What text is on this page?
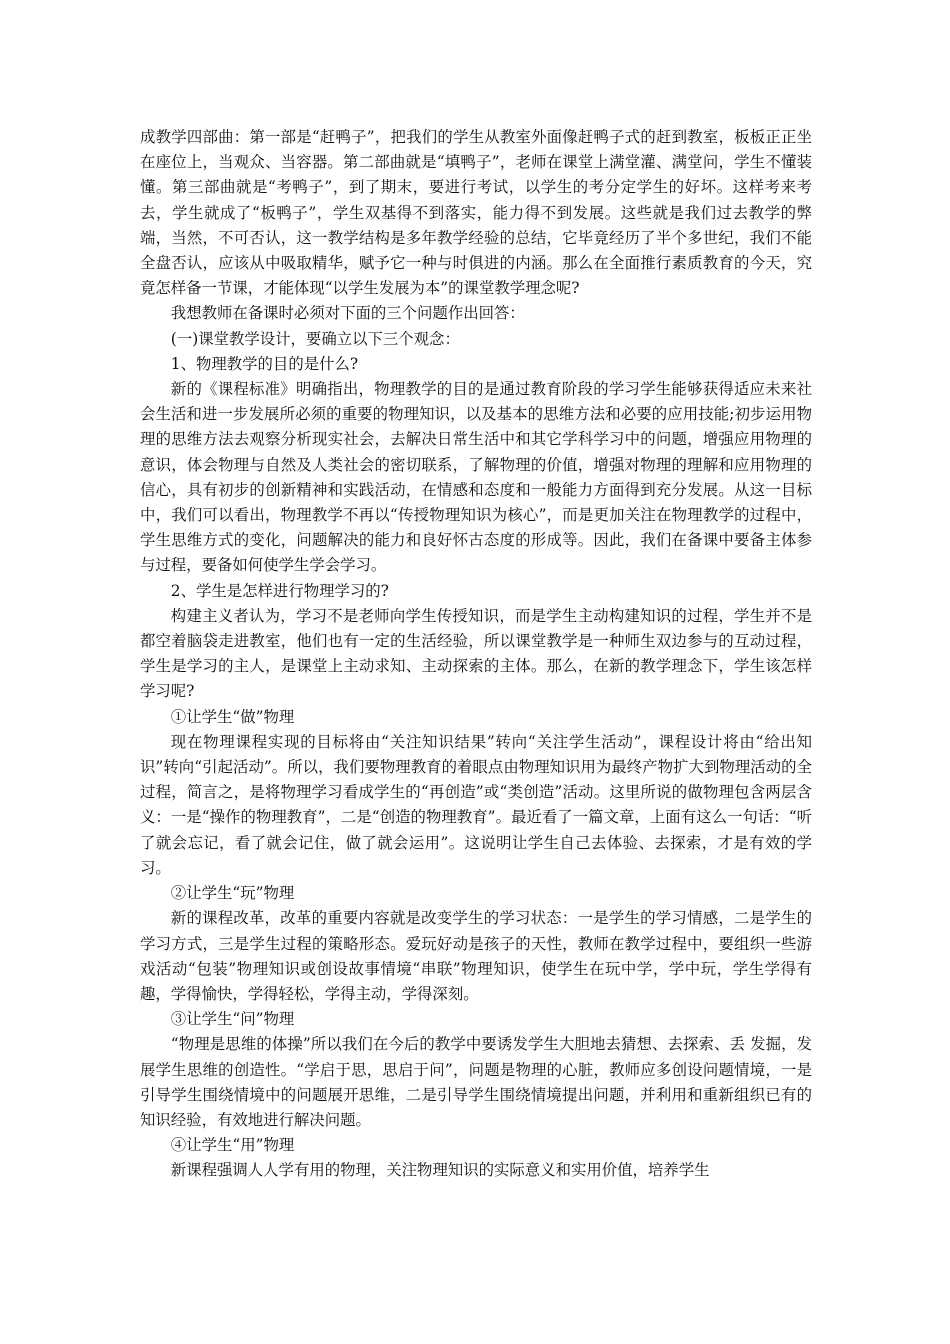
成教学四部曲：第一部是“赶鸭子”，把我们的学生从教室外面像赶鸭子式的赶到教室，板板正正坐在座位上，当观众、当容器。第二部曲就是“填鸭子”，老师在课堂上满堂灌、满堂问，学生不懂装懂。第三部曲就是“考鸭子”，到了期末，要进行考试，以学生的考分定学生的好坏。这样考来考去，学生就成了“板鸭子”，学生双基得不到落实，能力得不到发展。这些就是我们过去教学的弊端，当然，不可否认，这一教学结构是多年教学经验的总结，它毕竟经历了半个多世纪，我们不能全盘否认，应该从中吸取精华，赋予它一种与时俱进的内涵。那么在全面推行素质教育的今天，究竟怎样备一节课，才能体现“以学生发展为本”的课堂教学理念呢?

我想教师在备课时必须对下面的三个问题作出回答：

(一)课堂教学设计，要确立以下三个观念：

1、物理教学的目的是什么?

新的《课程标准》明确指出，物理教学的目的是通过教育阶段的学习学生能够获得适应未来社会生活和进一步发展所必须的重要的物理知识，以及基本的思维方法和必要的应用技能;初步运用物理的思维方法去观察分析现实社会，去解决日常生活中和其它学科学习中的问题，增强应用物理的意识，体会物理与自然及人类社会的密切联系，了解物理的价值，增强对物理的理解和应用物理的信心，具有初步的创新精神和实践活动，在情感和态度和一般能力方面得到充分发展。从这一目标中，我们可以看出，物理教学不再以“传授物理知识为核心”，而是更加关注在物理教学的过程中，学生思维方式的变化，问题解决的能力和良好怀古态度的形成等。因此，我们在备课中要备主体参与过程，要备如何使学生学会学习。

2、学生是怎样进行物理学习的?

构建主义者认为，学习不是老师向学生传授知识，而是学生主动构建知识的过程，学生并不是都空着脑袋走进教室，他们也有一定的生活经验，所以课堂教学是一种师生双边参与的互动过程，学生是学习的主人，是课堂上主动求知、主动探索的主体。那么，在新的教学理念下，学生该怎样学习呢?

①让学生“做”物理

现在物理课程实现的目标将由“关注知识结果”转向“关注学生活动”，课程设计将由“给出知识”转向“引起活动”。所以，我们要物理教育的着眼点由物理知识用为最终产物扩大到物理活动的全过程，简言之，是将物理学习看成学生的“再创造”或“类创造”活动。这里所说的做物理包含两层含义：一是“操作的物理教育”，二是“创造的物理教育”。最近看了一篇文章，上面有这么一句话：“听了就会忘记，看了就会记住，做了就会运用”。这说明让学生自己去体验、去探索，才是有效的学习。

②让学生“玩”物理

新的课程改革，改革的重要内容就是改变学生的学习状态：一是学生的学习情感，二是学生的学习方式，三是学生过程的策略形态。爱玩好动是孩子的天性，教师在教学过程中，要组织一些游戏活动“包装”物理知识或创设故事情境“串联”物理知识，使学生在玩中学，学中玩，学生学得有趣，学得愉快，学得轻松，学得主动，学得深刻。

③让学生“问”物理

“物理是思维的体操”所以我们在今后的教学中要诱发学生大胆地去猜想、去探索、丢 发掘，发展学生思维的创造性。“学启于思，思启于问”，问题是物理的心脏，教师应多创设问题情境，一是引导学生围绕情境中的问题展开思维，二是引导学生围绕情境提出问题，并利用和重新组织已有的知识经验，有效地进行解决问题。

④让学生“用”物理

新课程强调人人学有用的物理，关注物理知识的实际意义和实用价值，培养学生
